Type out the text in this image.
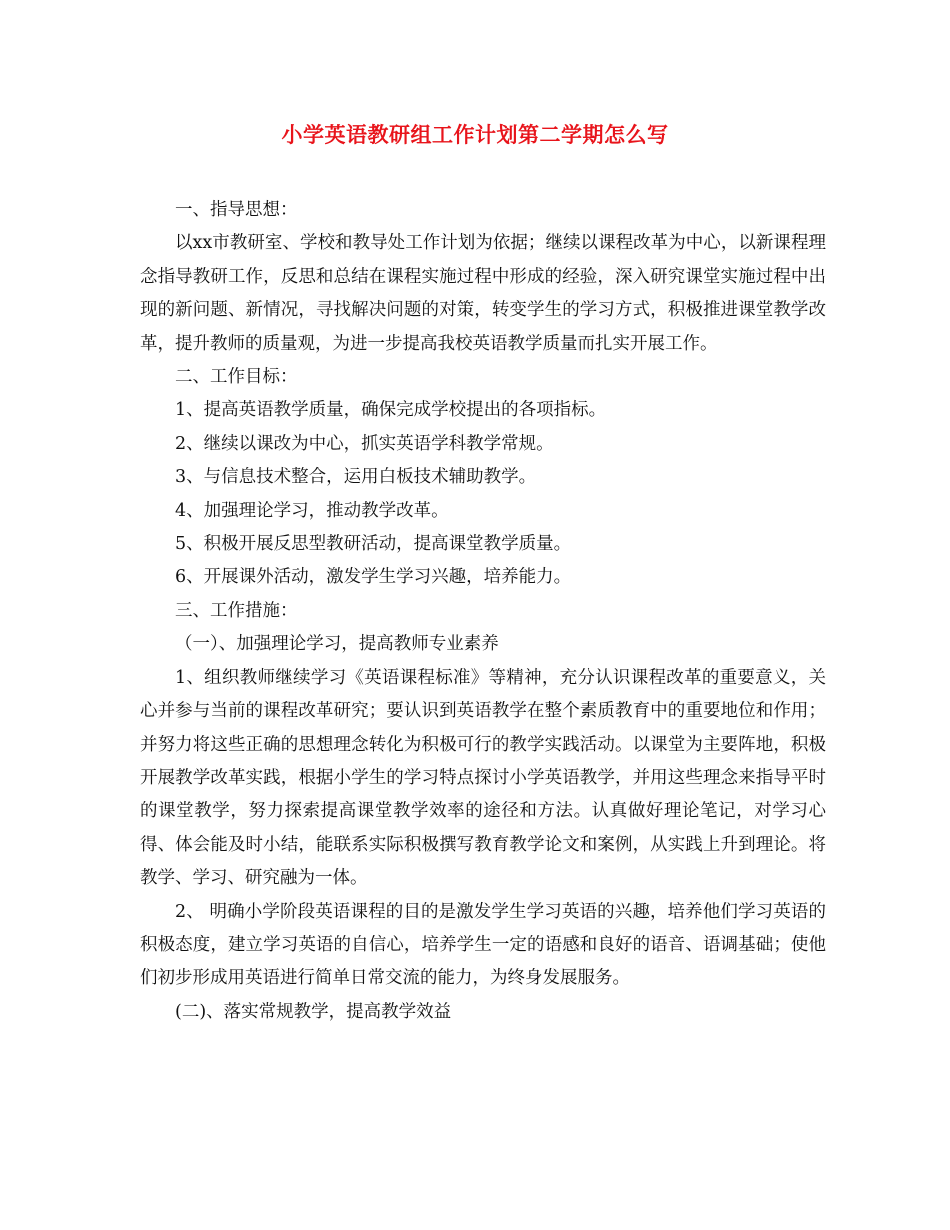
小学英语教研组工作计划第二学期怎么写

一、指导思想：

以xx市教研室、学校和教导处工作计划为依据；继续以课程改革为中心，以新课程理念指导教研工作，反思和总结在课程实施过程中形成的经验，深入研究课堂实施过程中出现的新问题、新情况，寻找解决问题的对策，转变学生的学习方式，积极推进课堂教学改革，提升教师的质量观，为进一步提高我校英语教学质量而扎实开展工作。

二、工作目标：

1、提高英语教学质量，确保完成学校提出的各项指标。

2、继续以课改为中心，抓实英语学科教学常规。

3、与信息技术整合，运用白板技术辅助教学。

4、加强理论学习，推动教学改革。

5、积极开展反思型教研活动，提高课堂教学质量。

6、开展课外活动，激发学生学习兴趣，培养能力。

三、工作措施：

（一）、加强理论学习，提高教师专业素养

1、组织教师继续学习《英语课程标准》等精神，充分认识课程改革的重要意义，关心并参与当前的课程改革研究；要认识到英语教学在整个素质教育中的重要地位和作用；并努力将这些正确的思想理念转化为积极可行的教学实践活动。以课堂为主要阵地，积极开展教学改革实践，根据小学生的学习特点探讨小学英语教学，并用这些理念来指导平时的课堂教学，努力探索提高课堂教学效率的途径和方法。认真做好理论笔记，对学习心得、体会能及时小结，能联系实际积极撰写教育教学论文和案例，从实践上升到理论。将教学、学习、研究融为一体。

2、 明确小学阶段英语课程的目的是激发学生学习英语的兴趣，培养他们学习英语的积极态度，建立学习英语的自信心，培养学生一定的语感和良好的语音、语调基础；使他们初步形成用英语进行简单日常交流的能力，为终身发展服务。

(二)、落实常规教学，提高教学效益
